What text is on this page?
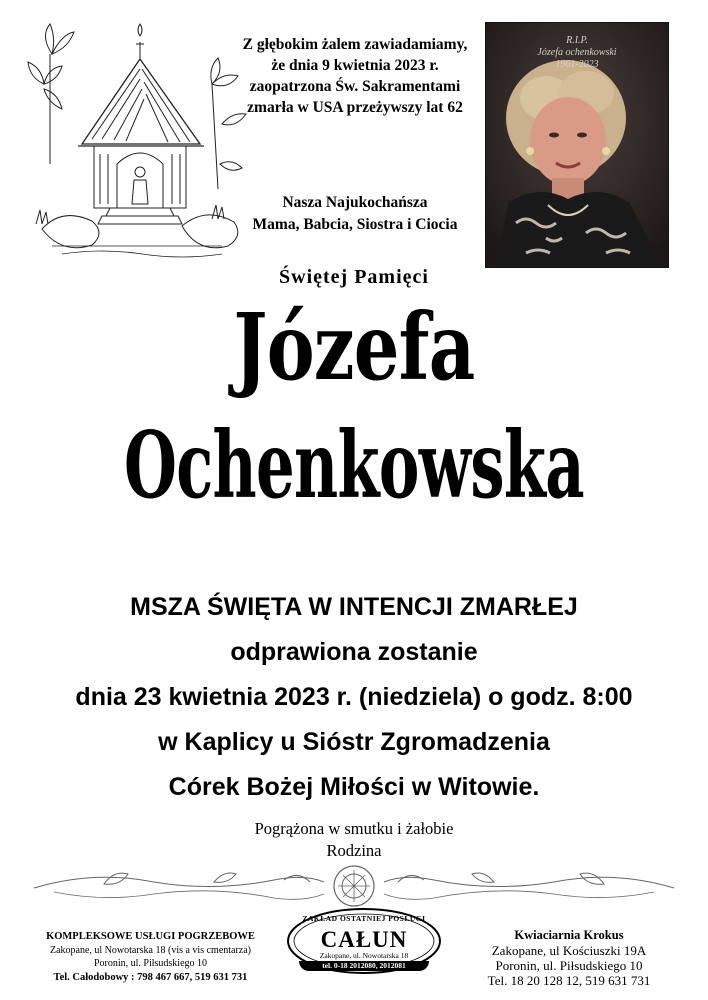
Z głębokim żalem zawiadamiamy,
że dnia 9 kwietnia 2023 r.
zaopatrzona Św. Sakramentami
zmarła w USA przeżywszy lat 62
Nasza Najukochańsza
Mama, Babcia, Siostra i Ciocia
R.I.P.
Józefa ochenkowski
1961-2023
Świętej Pamięci
Józefa
Ochenkowska
MSZA ŚWIĘTA W INTENCJI ZMARŁEJ
odprawiona zostanie
dnia 23 kwietnia 2023 r. (niedziela) o godz. 8:00
w Kaplicy u Sióstr Zgromadzenia
Córek Bożej Miłości w Witowie.
Pogrążona w smutku i żałobie
Rodzina
KOMPLEKSOWE USŁUGI POGRZEBOWE
Zakopane, ul Nowotarska 18 (vis a vis cmentarza)
Poronin, ul. Piłsudskiego 10
Tel. Całodobowy : 798 467 667, 519 631 731
ZAKŁAD OSTATNIEJ POSŁUGI
CAŁUN
Zakopane, ul. Nowotarska 18
tel. 0-18 2012080, 2012081
Kwiaciarnia Krokus
Zakopane, ul Kościuszki 19A
Poronin, ul. Piłsudskiego 10
Tel. 18 20 128 12, 519 631 731
